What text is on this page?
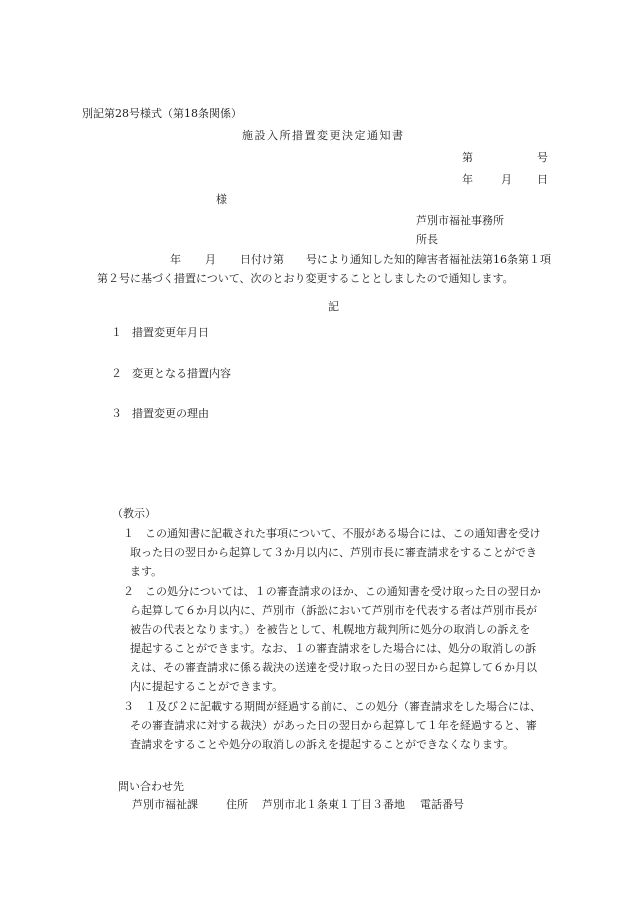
別記第28号様式（第18条関係）
施設入所措置変更決定通知書
第	号
年	月 日
様
芦別市福祉事務所
所長
年 月 日付け第　　号により通知した知的障害者福祉法第16条第１項
第２号に基づく措置について、次のとおり変更することとしましたので通知します。
記
１ 措置変更年月日
２ 変更となる措置内容
３ 措置変更の理由
（教示）
１ この通知書に記載された事項について、不服がある場合には、この通知書を受け
取った日の翌日から起算して３か月以内に、芦別市長に審査請求をすることができ
ます。
２ この処分については、１の審査請求のほか、この通知書を受け取った日の翌日か
ら起算して６か月以内に、芦別市（訴訟において芦別市を代表する者は芦別市長が
被告の代表となります。）を被告として、札幌地方裁判所に処分の取消しの訴えを
提起することができます。なお、１の審査請求をした場合には、処分の取消しの訴
えは、その審査請求に係る裁決の送達を受け取った日の翌日から起算して６か月以
内に提起することができます。
３ １及び２に記載する期間が経過する前に、この処分（審査請求をした場合には、
その審査請求に対する裁決）があった日の翌日から起算して１年を経過すると、審
査請求をすることや処分の取消しの訴えを提起することができなくなります。
問い合わせ先
芦別市福祉課	住所 芦別市北１条東１丁目３番地 電話番号
